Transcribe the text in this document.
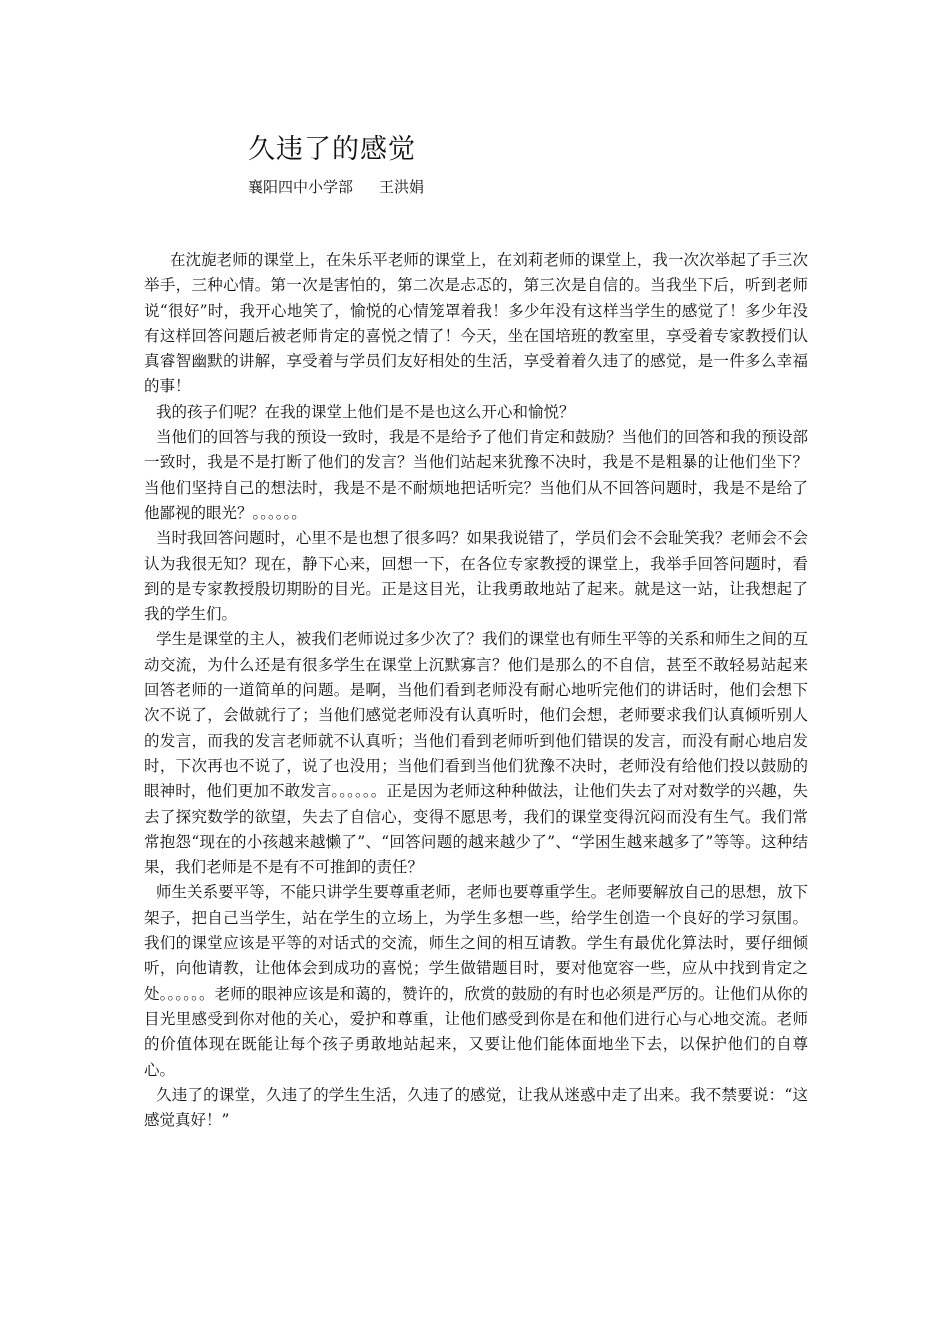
久违了的感觉
襄阳四中小学部 王洪娟

在沈旎老师的课堂上，在朱乐平老师的课堂上，在刘莉老师的课堂上，我一次次举起了手三次举手，三种心情。第一次是害怕的，第二次是忐忑的，第三次是自信的。当我坐下后，听到老师说“很好”时，我开心地笑了，愉悦的心情笼罩着我！多少年没有这样当学生的感觉了！多少年没有这样回答问题后被老师肯定的喜悦之情了！今天，坐在国培班的教室里，享受着专家教授们认真睿智幽默的讲解，享受着与学员们友好相处的生活，享受着着久违了的感觉，是一件多么幸福的事！

我的孩子们呢？在我的课堂上他们是不是也这么开心和愉悦？

当他们的回答与我的预设一致时，我是不是给予了他们肯定和鼓励？当他们的回答和我的预设部一致时，我是不是打断了他们的发言？当他们站起来犹豫不决时，我是不是粗暴的让他们坐下？当他们坚持自己的想法时，我是不是不耐烦地把话听完？当他们从不回答问题时，我是不是给了他鄙视的眼光？。。。。。。

当时我回答问题时，心里不是也想了很多吗？如果我说错了，学员们会不会耻笑我？老师会不会认为我很无知？现在，静下心来，回想一下，在各位专家教授的课堂上，我举手回答问题时，看到的是专家教授殷切期盼的目光。正是这目光，让我勇敢地站了起来。就是这一站，让我想起了我的学生们。

学生是课堂的主人，被我们老师说过多少次了？我们的课堂也有师生平等的关系和师生之间的互动交流，为什么还是有很多学生在课堂上沉默寡言？他们是那么的不自信，甚至不敢轻易站起来回答老师的一道简单的问题。是啊，当他们看到老师没有耐心地听完他们的讲话时，他们会想下次不说了，会做就行了；当他们感觉老师没有认真听时，他们会想，老师要求我们认真倾听别人的发言，而我的发言老师就不认真听；当他们看到老师听到他们错误的发言，而没有耐心地启发时，下次再也不说了，说了也没用；当他们看到当他们犹豫不决时，老师没有给他们投以鼓励的眼神时，他们更加不敢发言。。。。。。正是因为老师这种种做法，让他们失去了对对数学的兴趣，失去了探究数学的欲望，失去了自信心，变得不愿思考，我们的课堂变得沉闷而没有生气。我们常常抱怨“现在的小孩越来越懒了”、“回答问题的越来越少了”、“学困生越来越多了”等等。这种结果，我们老师是不是有不可推卸的责任？

师生关系要平等，不能只讲学生要尊重老师，老师也要尊重学生。老师要解放自己的思想，放下架子，把自己当学生，站在学生的立场上，为学生多想一些，给学生创造一个良好的学习氛围。我们的课堂应该是平等的对话式的交流，师生之间的相互请教。学生有最优化算法时，要仔细倾听，向他请教，让他体会到成功的喜悦；学生做错题目时，要对他宽容一些，应从中找到肯定之处。。。。。。老师的眼神应该是和蔼的，赞许的，欣赏的鼓励的有时也必须是严厉的。让他们从你的目光里感受到你对他的关心，爱护和尊重，让他们感受到你是在和他们进行心与心地交流。老师的价值体现在既能让每个孩子勇敢地站起来，又要让他们能体面地坐下去，以保护他们的自尊心。

久违了的课堂，久违了的学生生活，久违了的感觉，让我从迷惑中走了出来。我不禁要说：“这感觉真好！”
